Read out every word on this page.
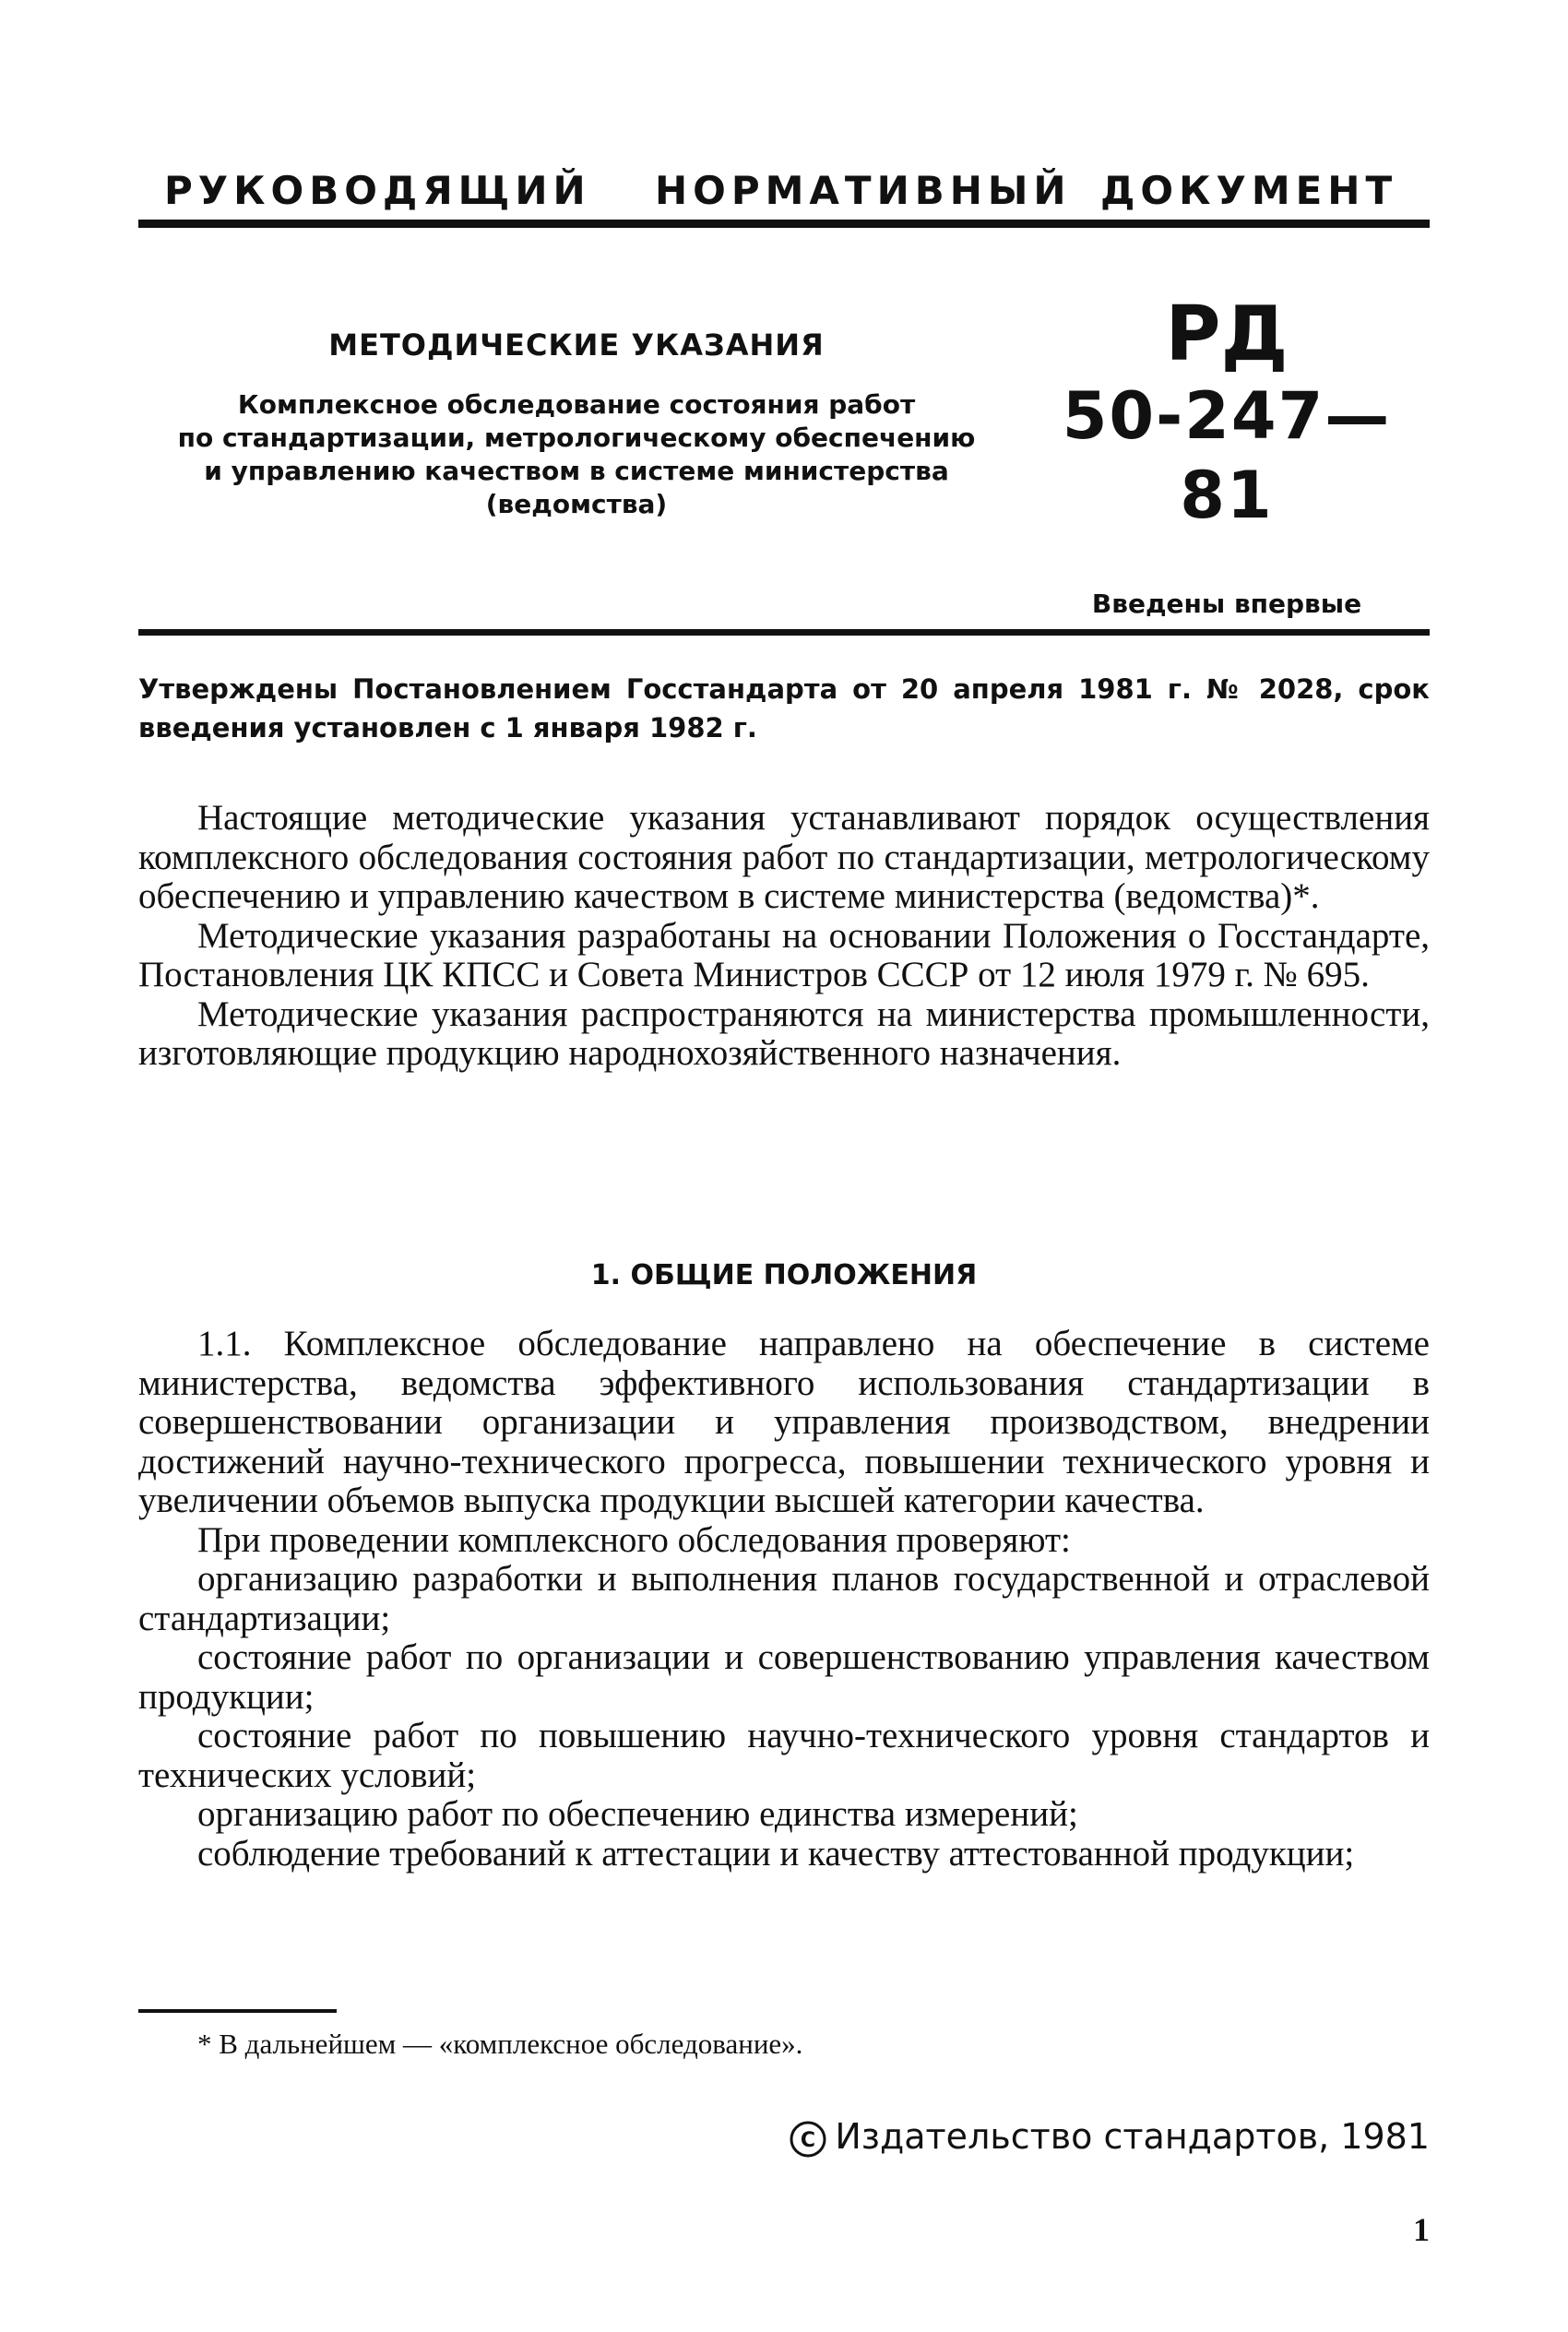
РУКОВОДЯЩИЙ НОРМАТИВНЫЙ ДОКУМЕНТ
МЕТОДИЧЕСКИЕ УКАЗАНИЯ
Комплексное обследование состояния работ
по стандартизации, метрологическому обеспечению
и управлению качеством в системе министерства
(ведомства)
РД
50-247—81
Введены впервые
Утверждены Постановлением Госстандарта от 20 апреля 1981 г. № 2028, срок введения установлен с 1 января 1982 г.

Настоящие методические указания устанавливают порядок осуществления комплексного обследования состояния работ по стандартизации, метрологическому обеспечению и управлению качеством в системе министерства (ведомства)*.

Методические указания разработаны на основании Положения о Госстандарте, Постановления ЦК КПСС и Совета Министров СССР от 12 июля 1979 г. № 695.

Методические указания распространяются на министерства промышленности, изготовляющие продукцию народнохозяйственного назначения.

1. ОБЩИЕ ПОЛОЖЕНИЯ

1.1. Комплексное обследование направлено на обеспечение в системе министерства, ведомства эффективного использования стандартизации в совершенствовании организации и управления производством, внедрении достижений научно-технического прогресса, повышении технического уровня и увеличении объемов выпуска продукции высшей категории качества.

При проведении комплексного обследования проверяют:

организацию разработки и выполнения планов государственной и отраслевой стандартизации;

состояние работ по организации и совершенствованию управления качеством продукции;

состояние работ по повышению научно-технического уровня стандартов и технических условий;

организацию работ по обеспечению единства измерений;

соблюдение требований к аттестации и качеству аттестованной продукции;

* В дальнейшем — «комплексное обследование».
C Издательство стандартов, 1981
1
